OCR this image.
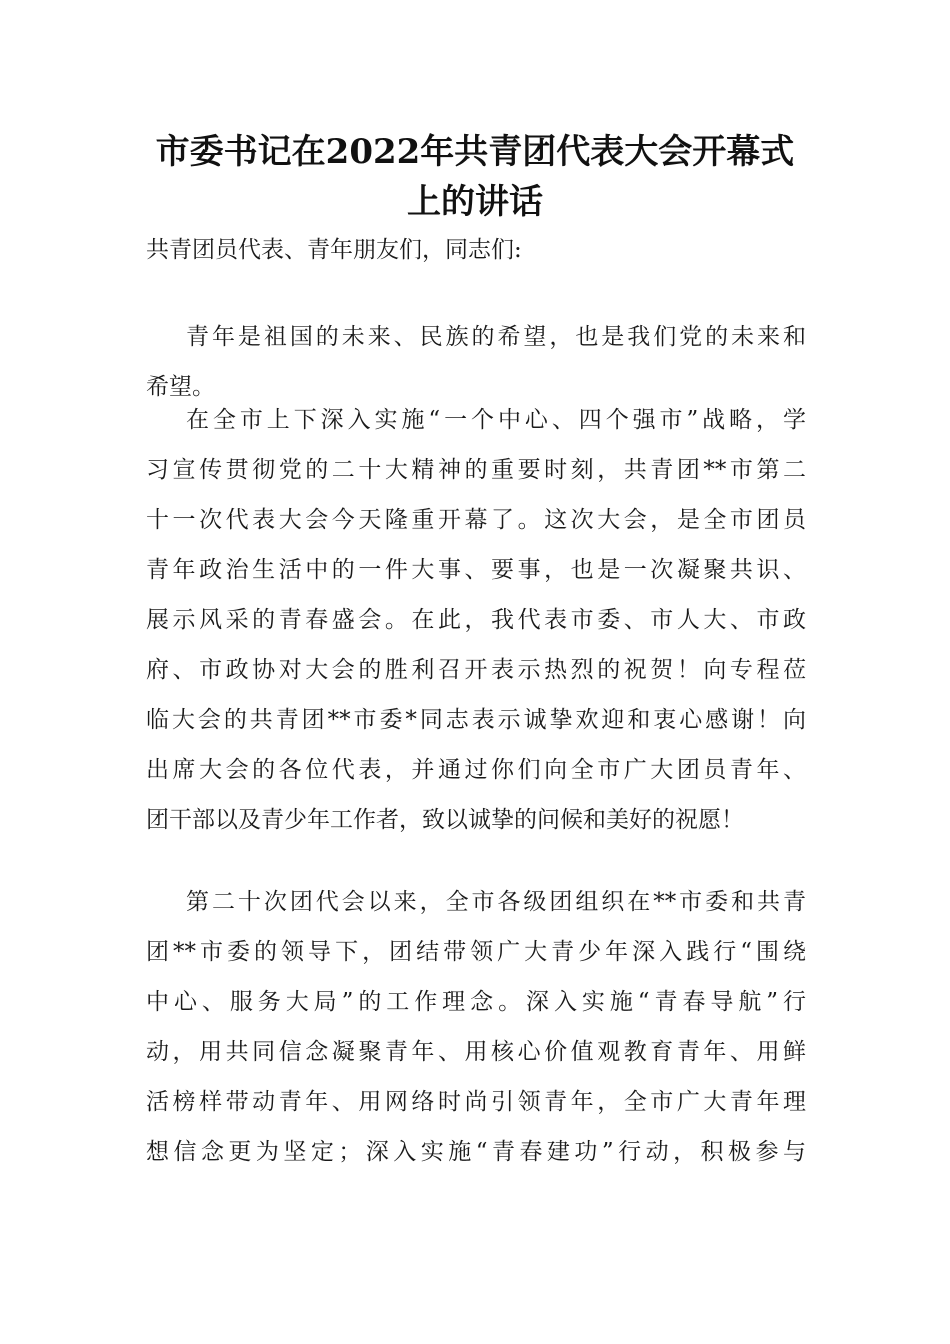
市委书记在2022年共青团代表大会开幕式
上的讲话
共青团员代表、青年朋友们，同志们:
青年是祖国的未来、民族的希望，也是我们党的未来和
希望。
在全市上下深入实施“一个中心、四个强市”战略，学
习宣传贯彻党的二十大精神的重要时刻，共青团**市第二
十一次代表大会今天隆重开幕了。这次大会，是全市团员
青年政治生活中的一件大事、要事，也是一次凝聚共识、
展示风采的青春盛会。在此，我代表市委、市人大、市政
府、市政协对大会的胜利召开表示热烈的祝贺！向专程莅
临大会的共青团**市委*同志表示诚挚欢迎和衷心感谢！向
出席大会的各位代表，并通过你们向全市广大团员青年、
团干部以及青少年工作者，致以诚挚的问候和美好的祝愿！
第二十次团代会以来，全市各级团组织在**市委和共青
团**市委的领导下，团结带领广大青少年深入践行“围绕
中心、服务大局”的工作理念。深入实施“青春导航”行
动，用共同信念凝聚青年、用核心价值观教育青年、用鲜
活榜样带动青年、用网络时尚引领青年，全市广大青年理
想信念更为坚定；深入实施“青春建功”行动，积极参与
